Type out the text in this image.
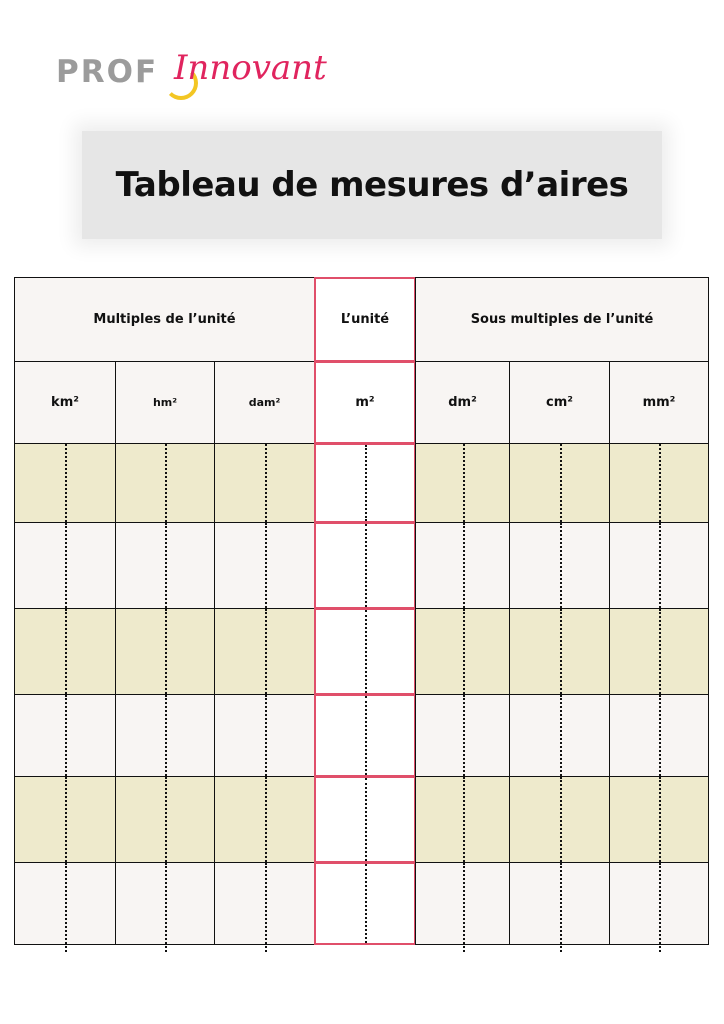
PROF Innovant
Tableau de mesures d’aires
Multiples de l’unité	L’unité	Sous multiples de l’unité
km²	hm²	dam²	m²	dm²	cm²	mm²
